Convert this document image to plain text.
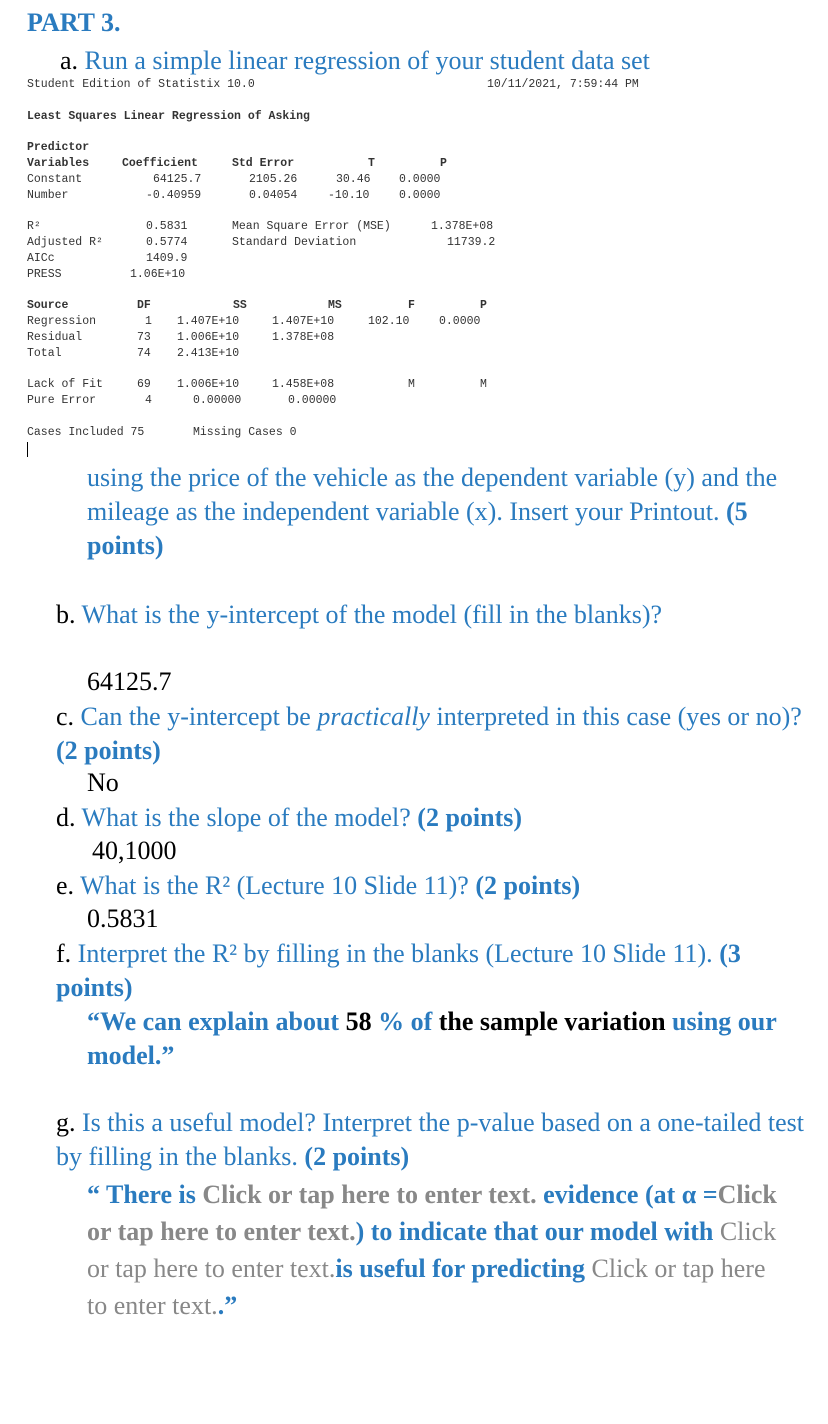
PART 3.
a. Run a simple linear regression of your student data set
Student Edition of Statistix 10.0	10/11/2021, 7:59:44 PM
Least Squares Linear Regression of Asking
Predictor
Variables	Coefficient	Std Error	T	P
Constant	64125.7	2105.26	30.46 0.0000
Number	-0.40959	0.04054	-10.10	0.0000
R²	0.5831	Mean Square Error (MSE)	1.378E+08
Adjusted R²	0.5774	Standard Deviation	11739.2
AICc	1409.9
PRESS	1.06E+10
Source	DF	SS	MS	F	P
Regression	1 1.407E+10	1.407E+10	102.10	0.0000
Residual	73 1.006E+10	1.378E+08
Total	74 2.413E+10
Lack of Fit	69 1.006E+10	1.458E+08	M	M
Pure Error	4	0.00000	0.00000
Cases Included 75	Missing Cases 0
using the price of the vehicle as the dependent variable (y) and the mileage as the independent variable (x). Insert your Printout. (5 points)
b. What is the y-intercept of the model (fill in the blanks)?
64125.7
c. Can the y-intercept be practically interpreted in this case (yes or no)? (2 points)
No
d. What is the slope of the model? (2 points)
40,1000
e. What is the R² (Lecture 10 Slide 11)? (2 points)
0.5831
f. Interpret the R² by filling in the blanks (Lecture 10 Slide 11). (3 points)
“We can explain about 58 % of the sample variation using our model.”
g. Is this a useful model? Interpret the p-value based on a one-tailed test by filling in the blanks. (2 points)
“ There is Click or tap here to enter text. evidence (at α =Click or tap here to enter text.) to indicate that our model with Click or tap here to enter text.is useful for predicting Click or tap here to enter text..”
